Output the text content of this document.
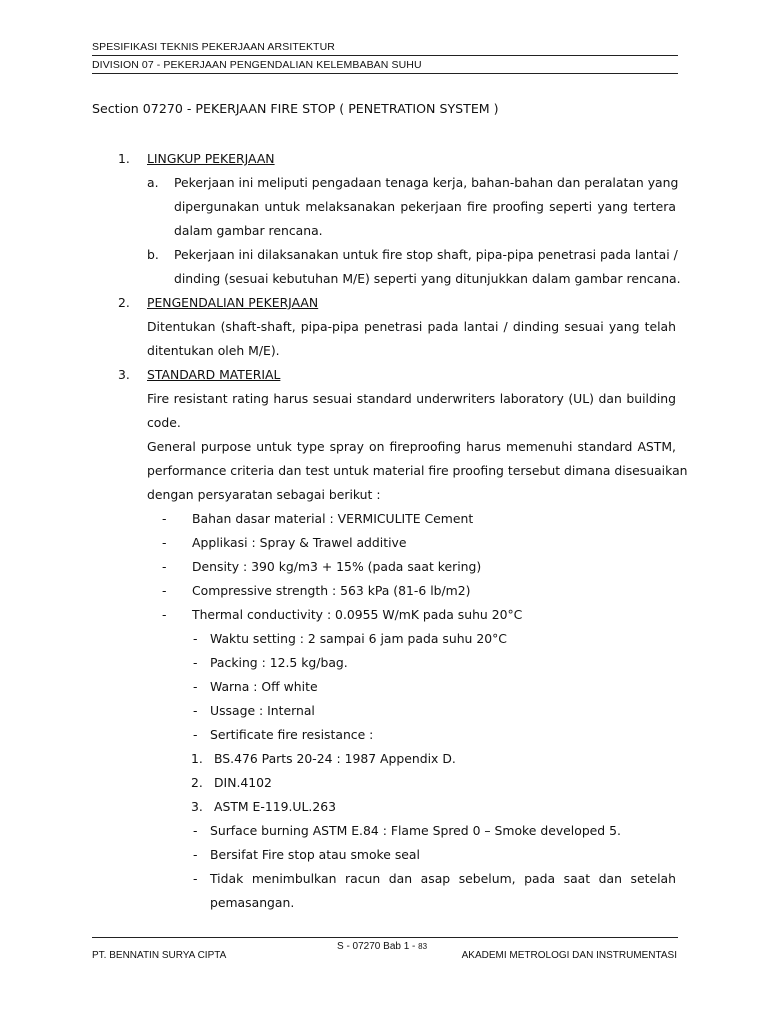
SPESIFIKASI TEKNIS PEKERJAAN ARSITEKTUR
DIVISION 07 - PEKERJAAN PENGENDALIAN KELEMBABAN SUHU
Section 07270 - PEKERJAAN FIRE STOP ( PENETRATION SYSTEM )
1. LINGKUP PEKERJAAN
a. Pekerjaan ini meliputi pengadaan tenaga kerja, bahan-bahan dan peralatan yang
dipergunakan untuk melaksanakan pekerjaan fire proofing seperti yang tertera
dalam gambar rencana.
b. Pekerjaan ini dilaksanakan untuk fire stop shaft, pipa-pipa penetrasi pada lantai /
dinding (sesuai kebutuhan M/E) seperti yang ditunjukkan dalam gambar rencana.
2. PENGENDALIAN PEKERJAAN
Ditentukan (shaft-shaft, pipa-pipa penetrasi pada lantai / dinding sesuai yang telah
ditentukan oleh M/E).
3. STANDARD MATERIAL
Fire resistant rating harus sesuai standard underwriters laboratory (UL) dan building
code.
General purpose untuk type spray on fireproofing harus memenuhi standard ASTM,
performance criteria dan test untuk material fire proofing tersebut dimana disesuaikan
dengan persyaratan sebagai berikut :
- Bahan dasar material : VERMICULITE Cement
- Applikasi : Spray & Trawel additive
- Density : 390 kg/m3 + 15% (pada saat kering)
- Compressive strength : 563 kPa (81-6 lb/m2)
- Thermal conductivity : 0.0955 W/mK pada suhu 20°C
- Waktu setting : 2 sampai 6 jam pada suhu 20°C
- Packing : 12.5 kg/bag.
- Warna : Off white
- Ussage : Internal
- Sertificate fire resistance :
1. BS.476 Parts 20-24 : 1987 Appendix D.
2. DIN.4102
3. ASTM E-119.UL.263
- Surface burning ASTM E.84 : Flame Spred 0 – Smoke developed 5.
- Bersifat Fire stop atau smoke seal
- Tidak menimbulkan racun dan asap sebelum, pada saat dan setelah
pemasangan.
S - 07270 Bab 1 - 83
PT. BENNATIN SURYA CIPTA	AKADEMI METROLOGI DAN INSTRUMENTASI
